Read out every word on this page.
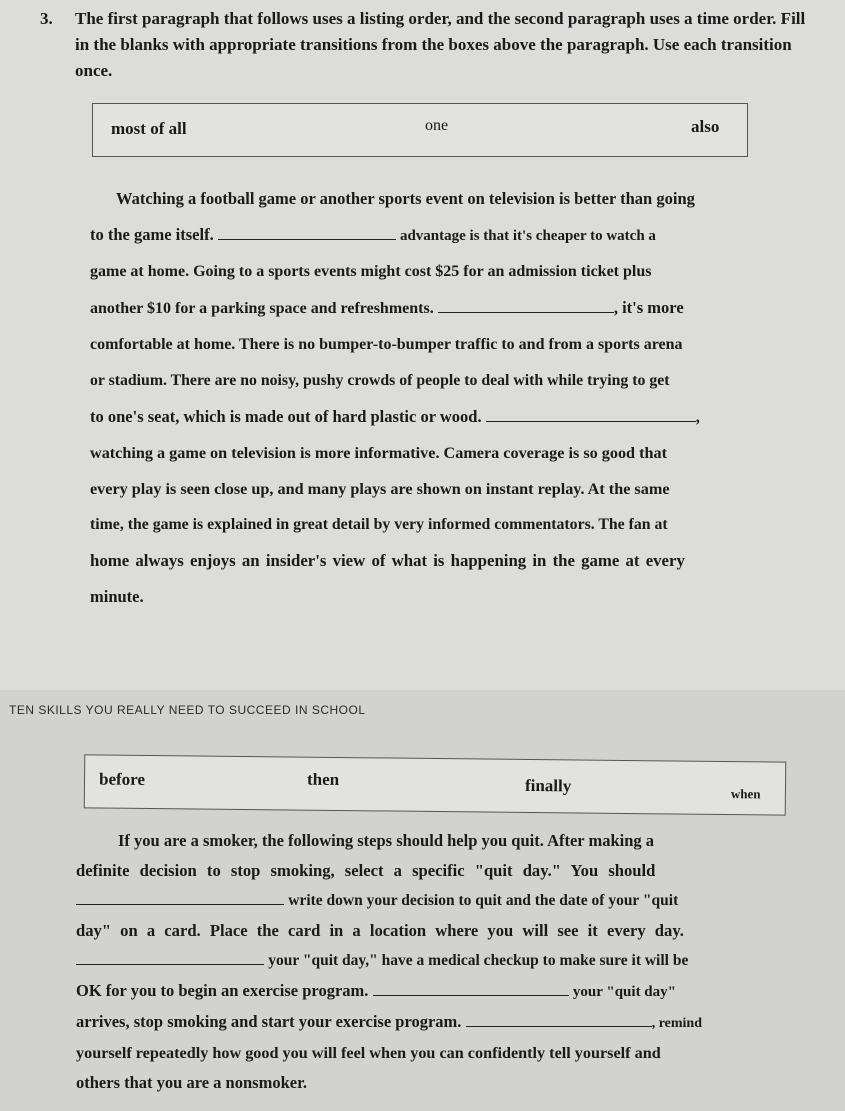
3.	The first paragraph that follows uses a listing order, and the second paragraph uses a time order. Fill in the blanks with appropriate transitions from the boxes above the paragraph. Use each transition once.

most of all	one	also
Watching a football game or another sports event on television is better than going
to the game itself.	advantage is that it's cheaper to watch a
game at home. Going to a sports events might cost $25 for an admission ticket plus
another $10 for a parking space and refreshments.	, it's more
comfortable at home. There is no bumper-to-bumper traffic to and from a sports arena
or stadium. There are no noisy, pushy crowds of people to deal with while trying to get
to one's seat, which is made out of hard plastic or wood.	,
watching a game on television is more informative. Camera coverage is so good that
every play is seen close up, and many plays are shown on instant replay. At the same
time, the game is explained in great detail by very informed commentators. The fan at
home always enjoys an insider's view of what is happening in the game at every
minute.
TEN SKILLS YOU REALLY NEED TO SUCCEED IN SCHOOL
before	then	finally	when
If you are a smoker, the following steps should help you quit. After making a
definite decision to stop smoking, select a specific "quit day." You should
write down your decision to quit and the date of your "quit
day" on a card. Place the card in a location where you will see it every day.
your "quit day," have a medical checkup to make sure it will be
OK for you to begin an exercise program.	your "quit day"
arrives, stop smoking and start your exercise program.	, remind
yourself repeatedly how good you will feel when you can confidently tell yourself and
others that you are a nonsmoker.
